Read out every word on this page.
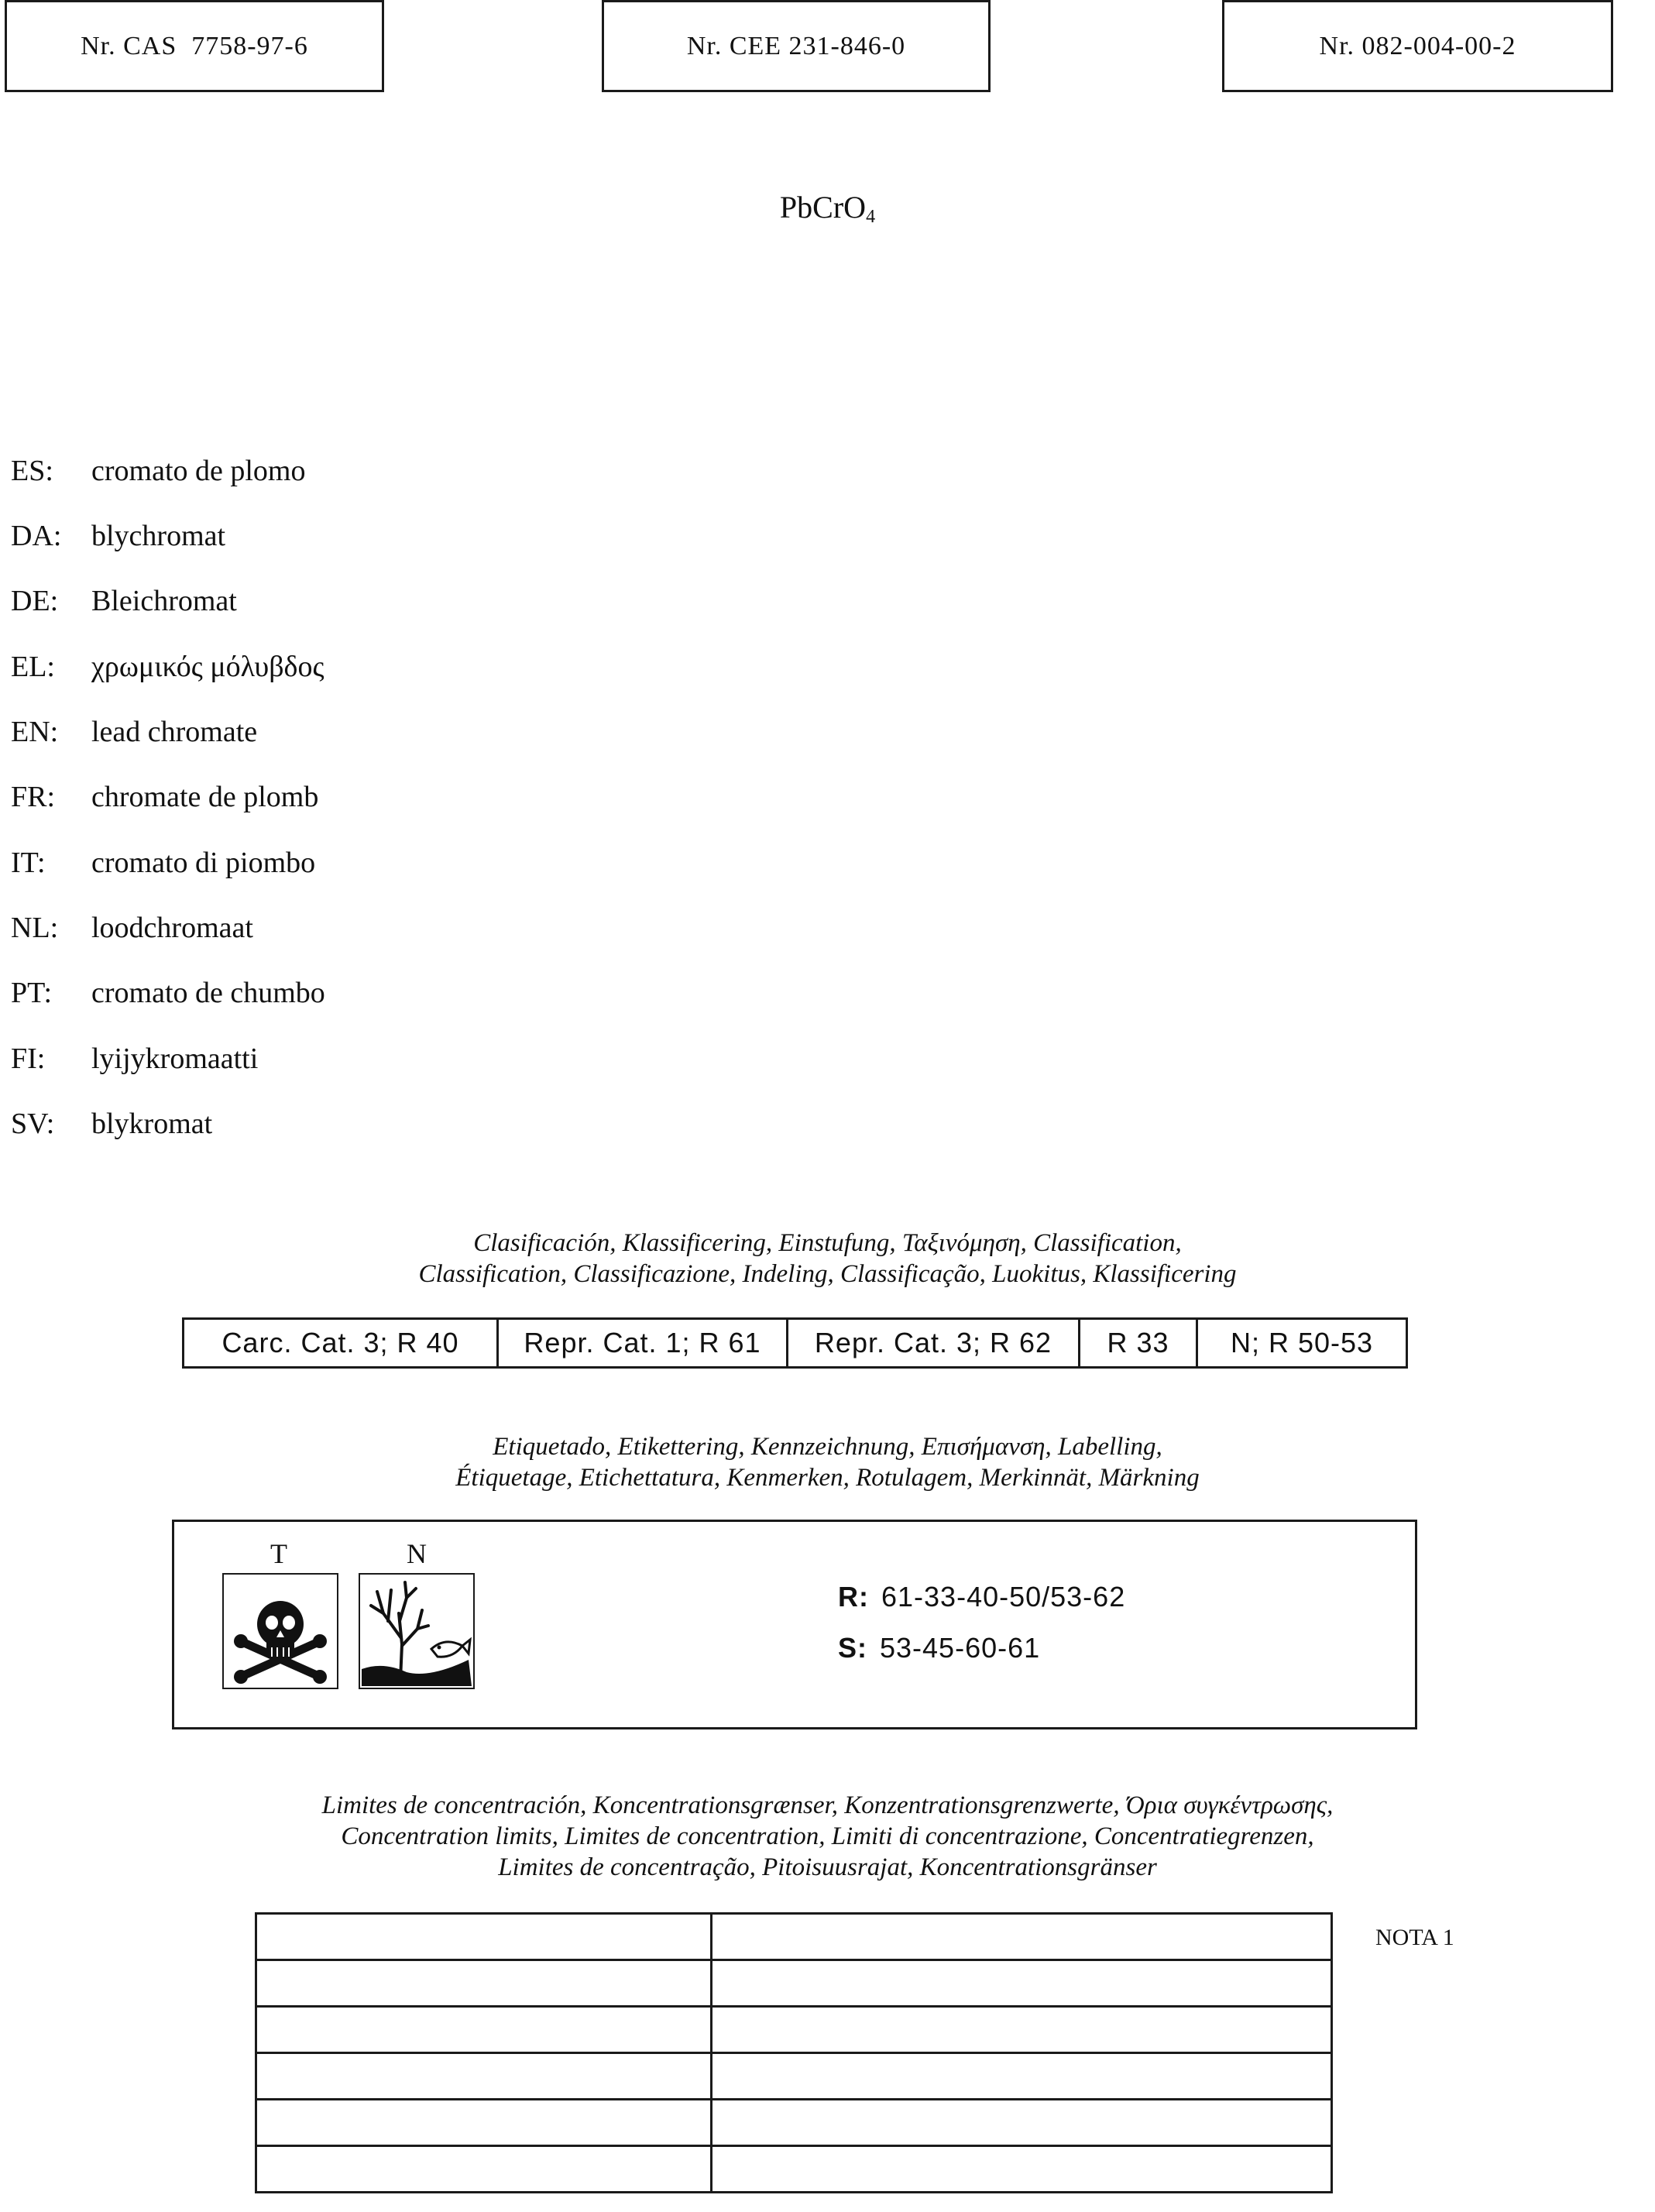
Nr. CAS  7758-97-6	Nr. CEE 231-846-0	Nr. 082-004-00-2
PbCrO$_4$
ES:	cromato de plomo
DA:	blychromat
DE:	Bleichromat
EL:	χρωμικός μόλυβδος
EN:	lead chromate
FR:	chromate de plomb
IT:	cromato di piombo
NL:	loodchromaat
PT:	cromato de chumbo
FI:	lyijykromaatti
SV:	blykromat
Clasificación, Klassificering, Einstufung, Ταξινόμηση, Classification,
Classification, Classificazione, Indeling, Classificação, Luokitus, Klassificering
Carc. Cat. 3; R 40	Repr. Cat. 1; R 61	Repr. Cat. 3; R 62	R 33	N; R 50-53
Etiquetado, Etikettering, Kennzeichnung, Επισήμανση, Labelling,
Étiquetage, Etichettatura, Kenmerken, Rotulagem, Merkinnät, Märkning
T	N
R: 61-33-40-50/53-62
S: 53-45-60-61
Limites de concentración, Koncentrationsgrænser, Konzentrationsgrenzwerte, Όρια συγκέντρωσης,
Concentration limits, Limites de concentration, Limiti di concentrazione, Concentratiegrenzen,
Limites de concentração, Pitoisuusrajat, Koncentrationsgränser

NOTA 1
